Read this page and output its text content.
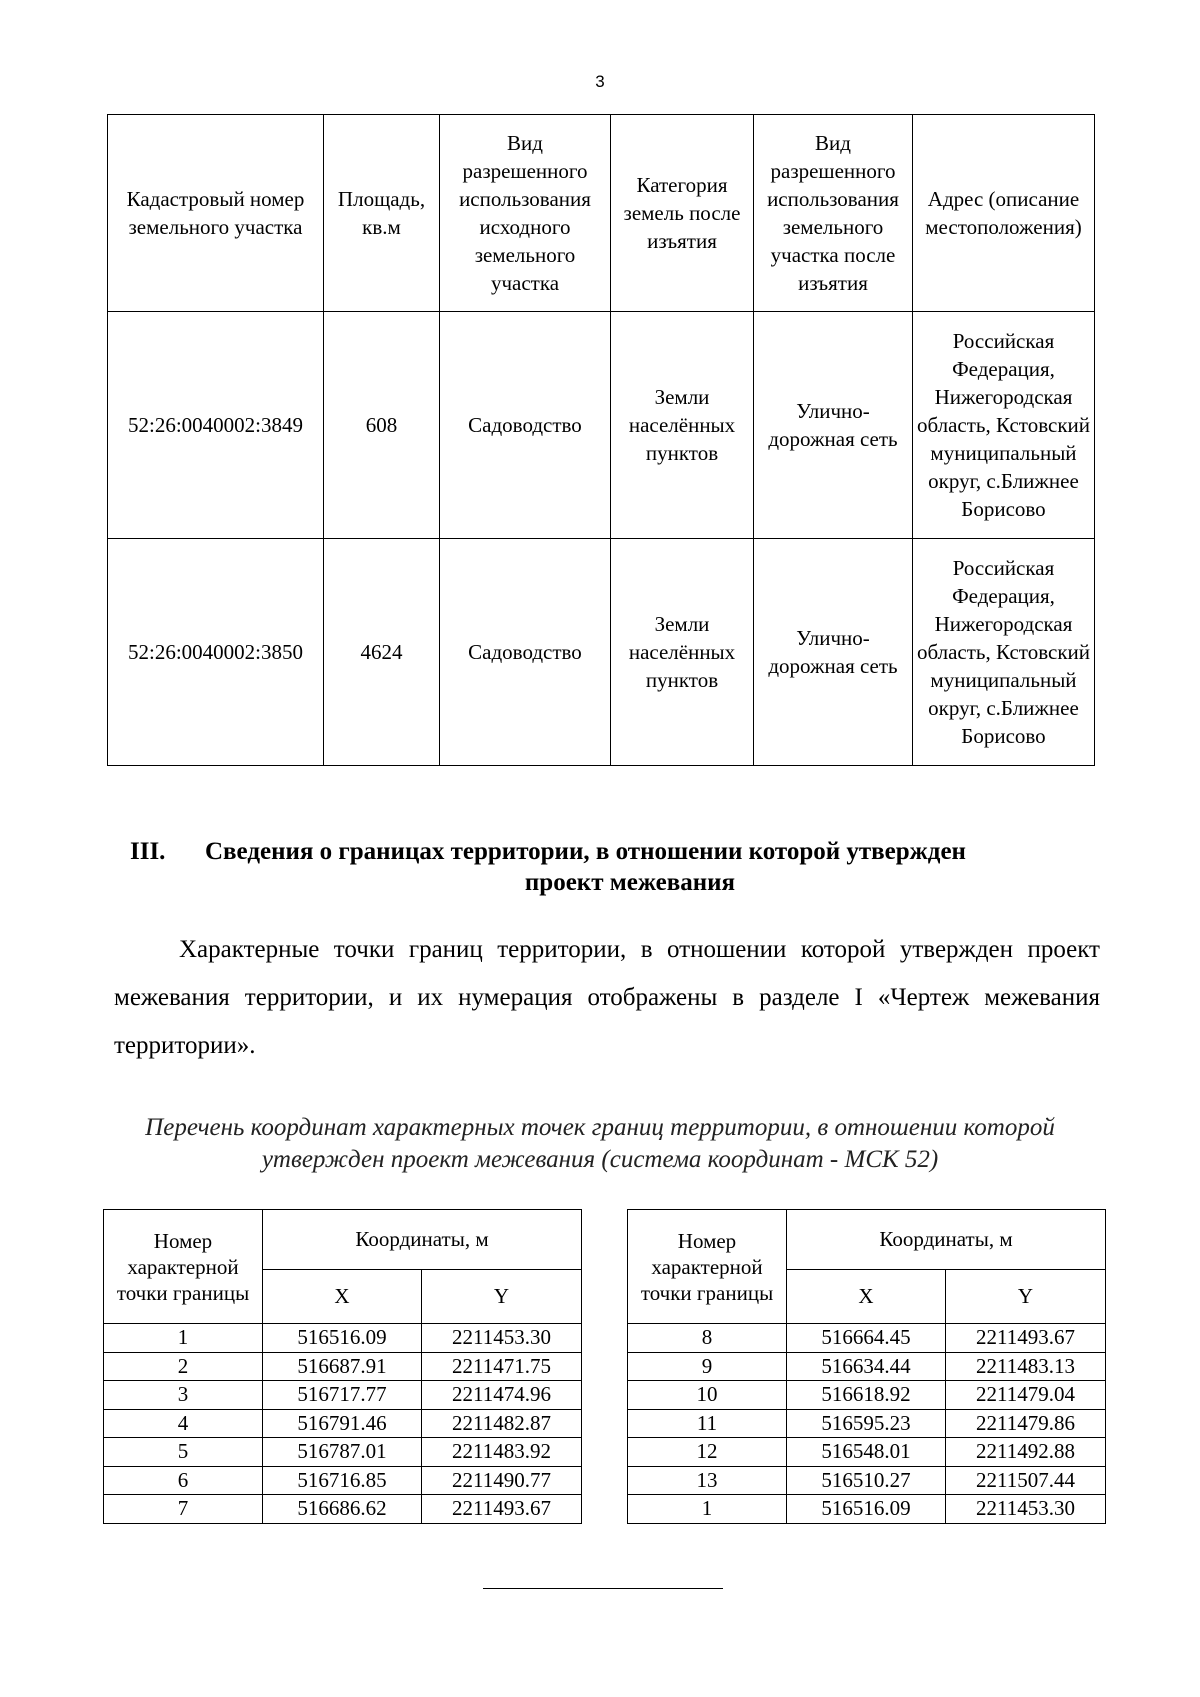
3
Кадастровый номер земельного участка	Площадь, кв.м	Вид разрешенного использования исходного земельного участка	Категория земель после изъятия	Вид разрешенного использования земельного участка после изъятия	Адрес (описание местоположения)
52:26:0040002:3849	608	Садоводство	Земли населённых пунктов	Улично-дорожная сеть	Российская Федерация, Нижегородская область, Кстовский муниципальный округ, с.Ближнее Борисово
52:26:0040002:3850	4624	Садоводство	Земли населённых пунктов	Улично-дорожная сеть	Российская Федерация, Нижегородская область, Кстовский муниципальный округ, с.Ближнее Борисово
III. Сведения о границах территории, в отношении которой утвержден
проект межевания

Характерные точки границ территории, в отношении которой утвержден проект межевания территории, и их нумерация отображены в разделе I «Чертеж межевания территории».

Перечень координат характерных точек границ территории, в отношении которой утвержден проект межевания (система координат - МСК 52)

Номер характерной точки границы	Координаты, м	
	X	Y
1	516516.09	2211453.30
2	516687.91	2211471.75
3	516717.77	2211474.96
4	516791.46	2211482.87
5	516787.01	2211483.92
6	516716.85	2211490.77
7	516686.62	2211493.67
Номер характерной точки границы	Координаты, м	
	X	Y
8	516664.45	2211493.67
9	516634.44	2211483.13
10	516618.92	2211479.04
11	516595.23	2211479.86
12	516548.01	2211492.88
13	516510.27	2211507.44
1	516516.09	2211453.30
